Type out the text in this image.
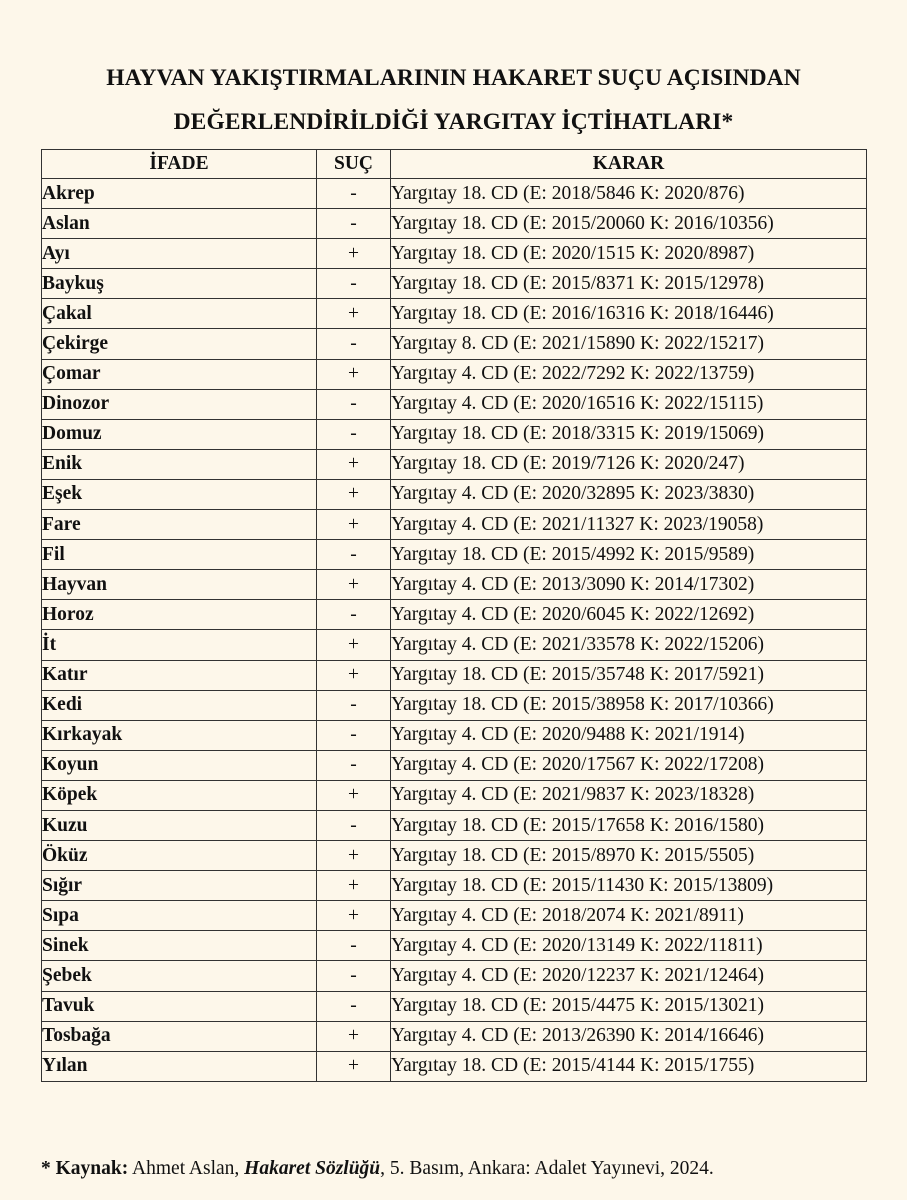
HAYVAN YAKIŞTIRMALARININ HAKARET SUÇU AÇISINDAN
DEĞERLENDİRİLDİĞİ YARGITAY İÇTİHATLARI*
İFADE	SUÇ	KARAR
Akrep	-	Yargıtay 18. CD (E: 2018/5846 K: 2020/876)
Aslan	-	Yargıtay 18. CD (E: 2015/20060 K: 2016/10356)
Ayı	+	Yargıtay 18. CD (E: 2020/1515 K: 2020/8987)
Baykuş	-	Yargıtay 18. CD (E: 2015/8371 K: 2015/12978)
Çakal	+	Yargıtay 18. CD (E: 2016/16316 K: 2018/16446)
Çekirge	-	Yargıtay 8. CD (E: 2021/15890 K: 2022/15217)
Çomar	+	Yargıtay 4. CD (E: 2022/7292 K: 2022/13759)
Dinozor	-	Yargıtay 4. CD (E: 2020/16516 K: 2022/15115)
Domuz	-	Yargıtay 18. CD (E: 2018/3315 K: 2019/15069)
Enik	+	Yargıtay 18. CD (E: 2019/7126 K: 2020/247)
Eşek	+	Yargıtay 4. CD (E: 2020/32895 K: 2023/3830)
Fare	+	Yargıtay 4. CD (E: 2021/11327 K: 2023/19058)
Fil	-	Yargıtay 18. CD (E: 2015/4992 K: 2015/9589)
Hayvan	+	Yargıtay 4. CD (E: 2013/3090 K: 2014/17302)
Horoz	-	Yargıtay 4. CD (E: 2020/6045 K: 2022/12692)
İt	+	Yargıtay 4. CD (E: 2021/33578 K: 2022/15206)
Katır	+	Yargıtay 18. CD (E: 2015/35748 K: 2017/5921)
Kedi	-	Yargıtay 18. CD (E: 2015/38958 K: 2017/10366)
Kırkayak	-	Yargıtay 4. CD (E: 2020/9488 K: 2021/1914)
Koyun	-	Yargıtay 4. CD (E: 2020/17567 K: 2022/17208)
Köpek	+	Yargıtay 4. CD (E: 2021/9837 K: 2023/18328)
Kuzu	-	Yargıtay 18. CD (E: 2015/17658 K: 2016/1580)
Öküz	+	Yargıtay 18. CD (E: 2015/8970 K: 2015/5505)
Sığır	+	Yargıtay 18. CD (E: 2015/11430 K: 2015/13809)
Sıpa	+	Yargıtay 4. CD (E: 2018/2074 K: 2021/8911)
Sinek	-	Yargıtay 4. CD (E: 2020/13149 K: 2022/11811)
Şebek	-	Yargıtay 4. CD (E: 2020/12237 K: 2021/12464)
Tavuk	-	Yargıtay 18. CD (E: 2015/4475 K: 2015/13021)
Tosbağa	+	Yargıtay 4. CD (E: 2013/26390 K: 2014/16646)
Yılan	+	Yargıtay 18. CD (E: 2015/4144 K: 2015/1755)
* Kaynak: Ahmet Aslan, Hakaret Sözlüğü, 5. Basım, Ankara: Adalet Yayınevi, 2024.
